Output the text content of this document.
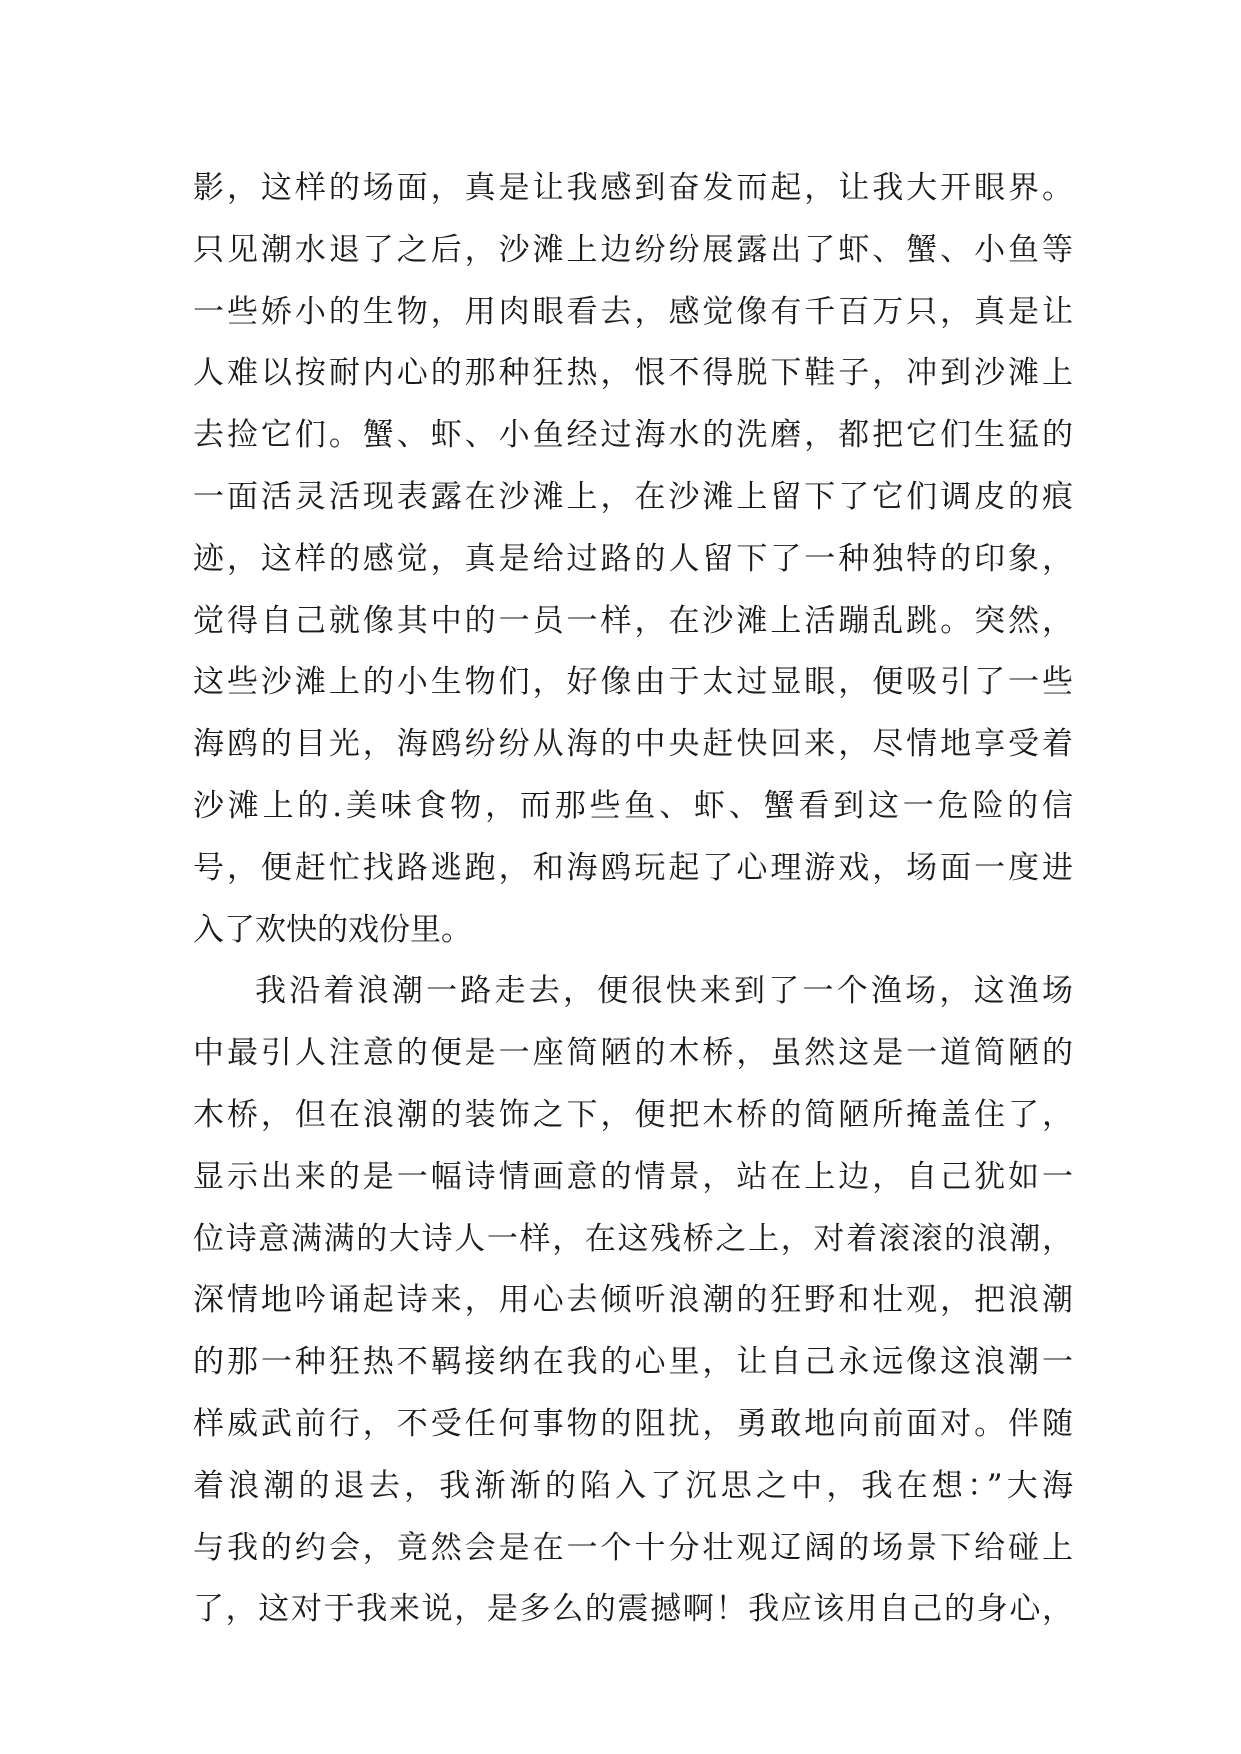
影，这样的场面，真是让我感到奋发而起，让我大开眼界。
只见潮水退了之后，沙滩上边纷纷展露出了虾、蟹、小鱼等
一些娇小的生物，用肉眼看去，感觉像有千百万只，真是让
人难以按耐内心的那种狂热，恨不得脱下鞋子，冲到沙滩上
去捡它们。蟹、虾、小鱼经过海水的洗磨，都把它们生猛的
一面活灵活现表露在沙滩上，在沙滩上留下了它们调皮的痕
迹，这样的感觉，真是给过路的人留下了一种独特的印象，
觉得自己就像其中的一员一样，在沙滩上活蹦乱跳。突然，
这些沙滩上的小生物们，好像由于太过显眼，便吸引了一些
海鸥的目光，海鸥纷纷从海的中央赶快回来，尽情地享受着
沙滩上的.美味食物，而那些鱼、虾、蟹看到这一危险的信
号，便赶忙找路逃跑，和海鸥玩起了心理游戏，场面一度进
入了欢快的戏份里。
我沿着浪潮一路走去，便很快来到了一个渔场，这渔场
中最引人注意的便是一座简陋的木桥，虽然这是一道简陋的
木桥，但在浪潮的装饰之下，便把木桥的简陋所掩盖住了，
显示出来的是一幅诗情画意的情景，站在上边，自己犹如一
位诗意满满的大诗人一样，在这残桥之上，对着滚滚的浪潮，
深情地吟诵起诗来，用心去倾听浪潮的狂野和壮观，把浪潮
的那一种狂热不羁接纳在我的心里，让自己永远像这浪潮一
样威武前行，不受任何事物的阻扰，勇敢地向前面对。伴随
着浪潮的退去，我渐渐的陷入了沉思之中，我在想：”大海
与我的约会，竟然会是在一个十分壮观辽阔的场景下给碰上
了，这对于我来说，是多么的震撼啊！我应该用自己的身心，
